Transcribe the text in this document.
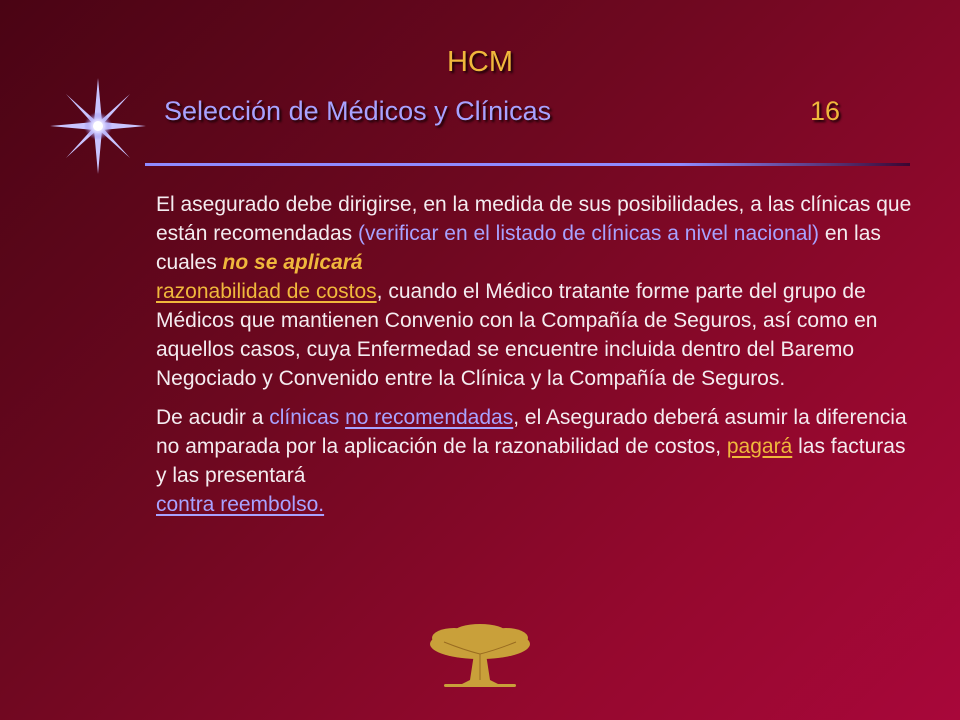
HCM
Selección de Médicos y Clínicas	16

El asegurado debe dirigirse, en la medida de sus posibilidades, a las clínicas que están recomendadas (verificar en el listado de clínicas a nivel nacional) en las cuales no se aplicará
razonabilidad de costos, cuando el Médico tratante forme parte del grupo de Médicos que mantienen Convenio con la Compañía de Seguros, así como en aquellos casos, cuya Enfermedad se encuentre incluida dentro del Baremo Negociado y Convenido entre la Clínica y la Compañía de Seguros.

De acudir a clínicas no recomendadas, el Asegurado deberá asumir la diferencia no amparada por la aplicación de la razonabilidad de costos, pagará las facturas y las presentará
contra reembolso.
